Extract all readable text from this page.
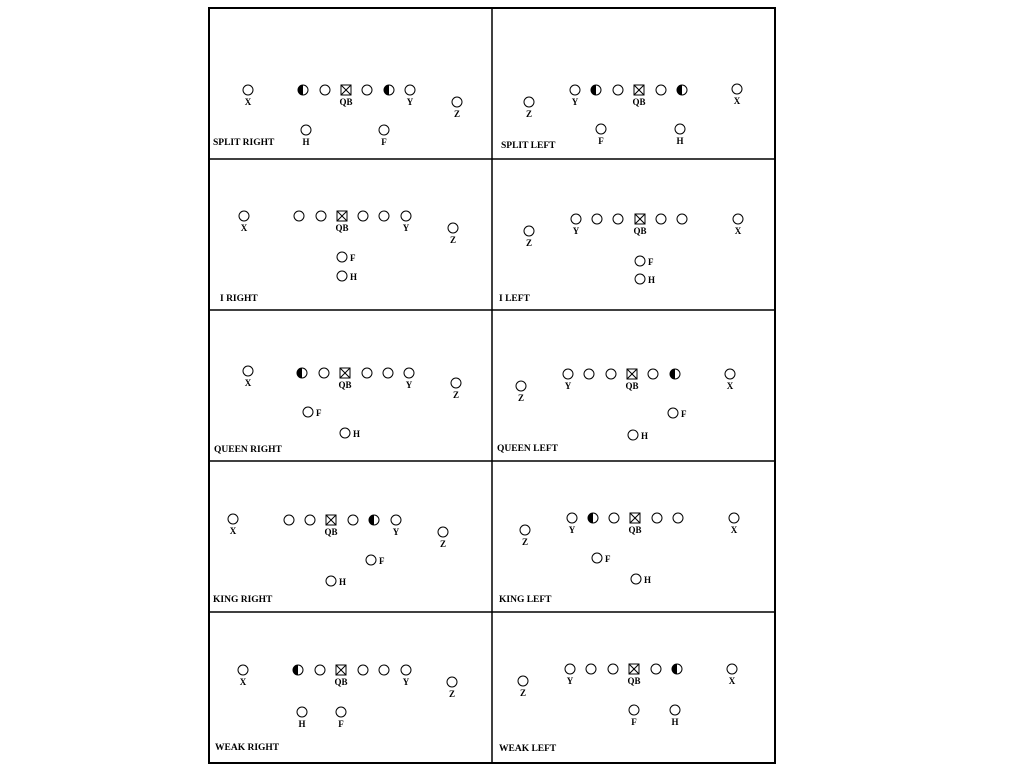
X	QB	Y
Z
H	F
SPLIT RIGHT
Z
Y	QB	X
F	H
SPLIT LEFT
X	QB	Y
Z
F
H
I RIGHT
Z
Y	QB	X
F
H
I LEFT
X	QB	Y
Z
F
H
QUEEN RIGHT
Z
Y	QB	X
F
H
QUEEN LEFT
X	QB	Y
Z
F
H
KING RIGHT
Z
Y	QB	X
F
H
KING LEFT
X	QB	Y
Z
H	F
WEAK RIGHT
Z
Y	QB	X
F	H
WEAK LEFT
